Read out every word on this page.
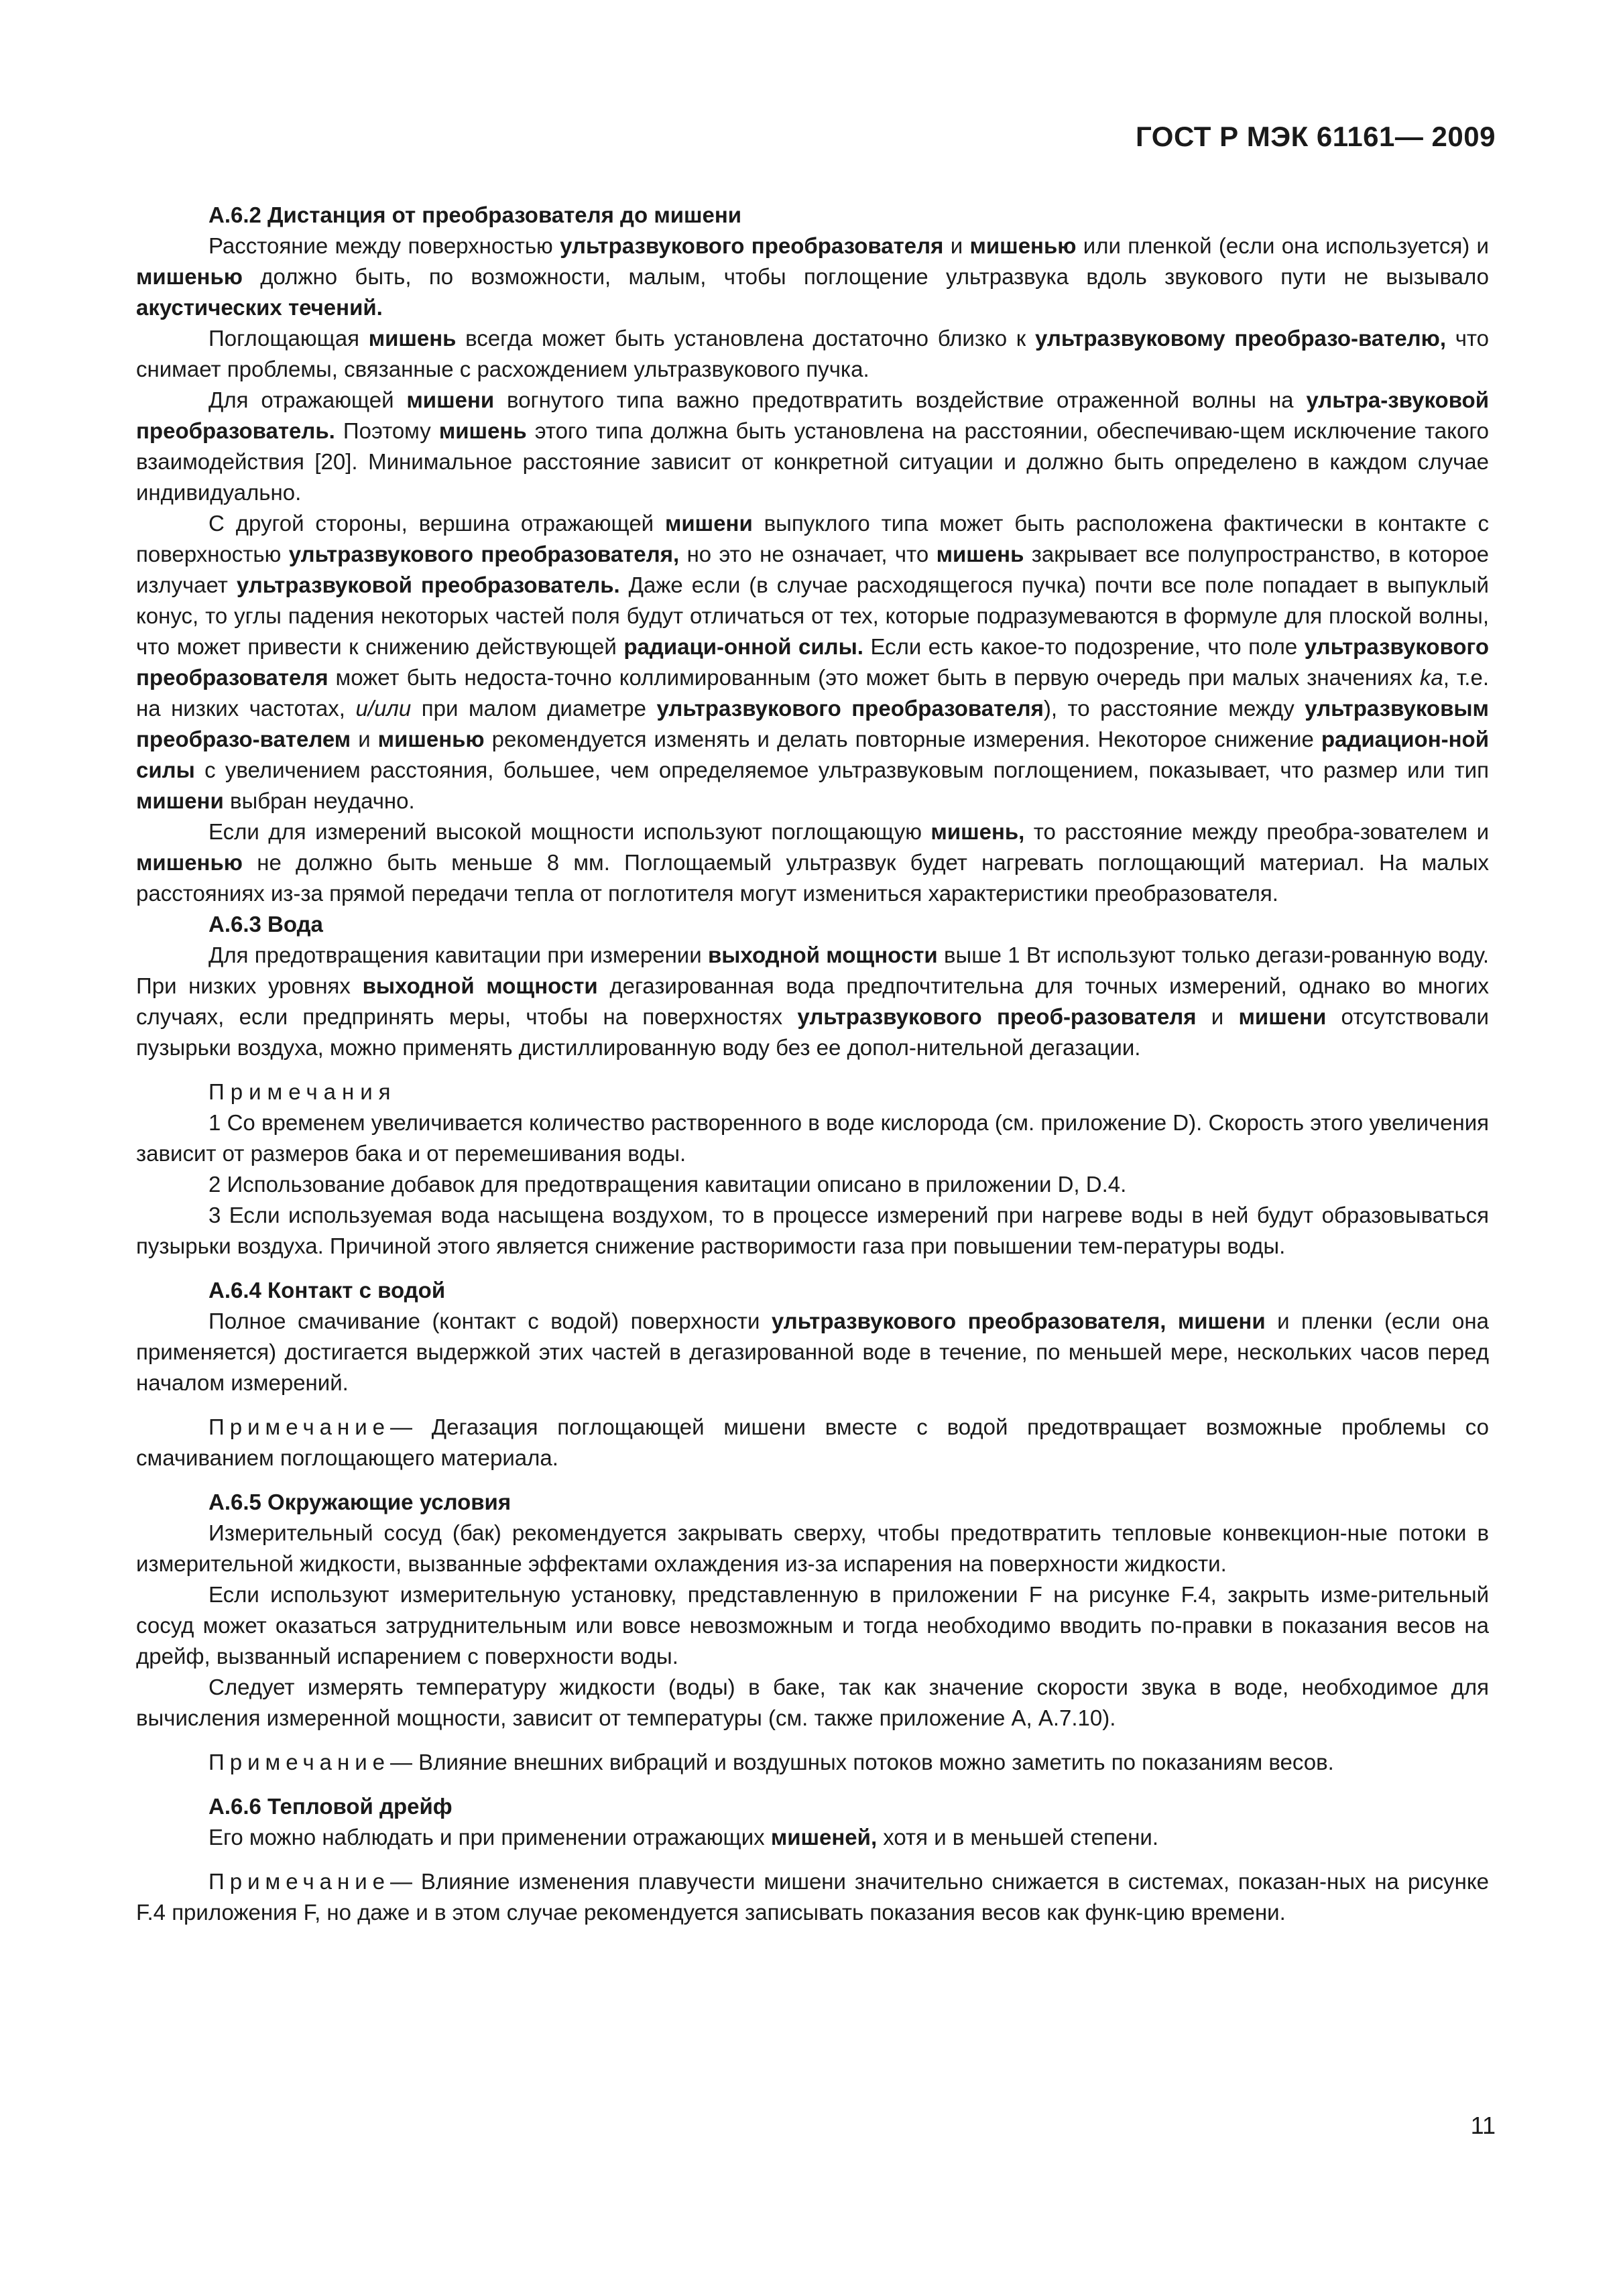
ГОСТ Р МЭК 61161— 2009
А.6.2 Дистанция от преобразователя до мишени

Расстояние между поверхностью ультразвукового преобразователя и мишенью или пленкой (если она используется) и мишенью должно быть, по возможности, малым, чтобы поглощение ультразвука вдоль звукового пути не вызывало акустических течений.

Поглощающая мишень всегда может быть установлена достаточно близко к ультразвуковому преобразо-вателю, что снимает проблемы, связанные с расхождением ультразвукового пучка.

Для отражающей мишени вогнутого типа важно предотвратить воздействие отраженной волны на ультра-звуковой преобразователь. Поэтому мишень этого типа должна быть установлена на расстоянии, обеспечиваю-щем исключение такого взаимодействия [20]. Минимальное расстояние зависит от конкретной ситуации и должно быть определено в каждом случае индивидуально.

С другой стороны, вершина отражающей мишени выпуклого типа может быть расположена фактически в контакте с поверхностью ультразвукового преобразователя, но это не означает, что мишень закрывает все полупространство, в которое излучает ультразвуковой преобразователь. Даже если (в случае расходящегося пучка) почти все поле попадает в выпуклый конус, то углы падения некоторых частей поля будут отличаться от тех, которые подразумеваются в формуле для плоской волны, что может привести к снижению действующей радиаци-онной силы. Если есть какое-то подозрение, что поле ультразвукового преобразователя может быть недоста-точно коллимированным (это может быть в первую очередь при малых значениях ka, т.е. на низких частотах, и/или при малом диаметре ультразвукового преобразователя), то расстояние между ультразвуковым преобразо-вателем и мишенью рекомендуется изменять и делать повторные измерения. Некоторое снижение радиацион-ной силы с увеличением расстояния, большее, чем определяемое ультразвуковым поглощением, показывает, что размер или тип мишени выбран неудачно.

Если для измерений высокой мощности используют поглощающую мишень, то расстояние между преобра-зователем и мишенью не должно быть меньше 8 мм. Поглощаемый ультразвук будет нагревать поглощающий материал. На малых расстояниях из-за прямой передачи тепла от поглотителя могут измениться характеристики преобразователя.

А.6.3 Вода

Для предотвращения кавитации при измерении выходной мощности выше 1 Вт используют только дегази-рованную воду. При низких уровнях выходной мощности дегазированная вода предпочтительна для точных измерений, однако во многих случаях, если предпринять меры, чтобы на поверхностях ультразвукового преоб-разователя и мишени отсутствовали пузырьки воздуха, можно применять дистиллированную воду без ее допол-нительной дегазации.

Примечания

1 Со временем увеличивается количество растворенного в воде кислорода (см. приложение D). Скорость этого увеличения зависит от размеров бака и от перемешивания воды.

2 Использование добавок для предотвращения кавитации описано в приложении D, D.4.

3 Если используемая вода насыщена воздухом, то в процессе измерений при нагреве воды в ней будут образовываться пузырьки воздуха. Причиной этого является снижение растворимости газа при повышении тем-пературы воды.

А.6.4 Контакт с водой

Полное смачивание (контакт с водой) поверхности ультразвукового преобразователя, мишени и пленки (если она применяется) достигается выдержкой этих частей в дегазированной воде в течение, по меньшей мере, нескольких часов перед началом измерений.

Примечание— Дегазация поглощающей мишени вместе с водой предотвращает возможные проблемы со смачиванием поглощающего материала.

А.6.5 Окружающие условия

Измерительный сосуд (бак) рекомендуется закрывать сверху, чтобы предотвратить тепловые конвекцион-ные потоки в измерительной жидкости, вызванные эффектами охлаждения из-за испарения на поверхности жидкости.

Если используют измерительную установку, представленную в приложении F на рисунке F.4, закрыть изме-рительный сосуд может оказаться затруднительным или вовсе невозможным и тогда необходимо вводить по-правки в показания весов на дрейф, вызванный испарением с поверхности воды.

Следует измерять температуру жидкости (воды) в баке, так как значение скорости звука в воде, необходимое для вычисления измеренной мощности, зависит от температуры (см. также приложение А, А.7.10).

Примечание— Влияние внешних вибраций и воздушных потоков можно заметить по показаниям весов.

А.6.6 Тепловой дрейф

Его можно наблюдать и при применении отражающих мишеней, хотя и в меньшей степени.

Примечание— Влияние изменения плавучести мишени значительно снижается в системах, показан-ных на рисунке F.4 приложения F, но даже и в этом случае рекомендуется записывать показания весов как функ-цию времени.

11
